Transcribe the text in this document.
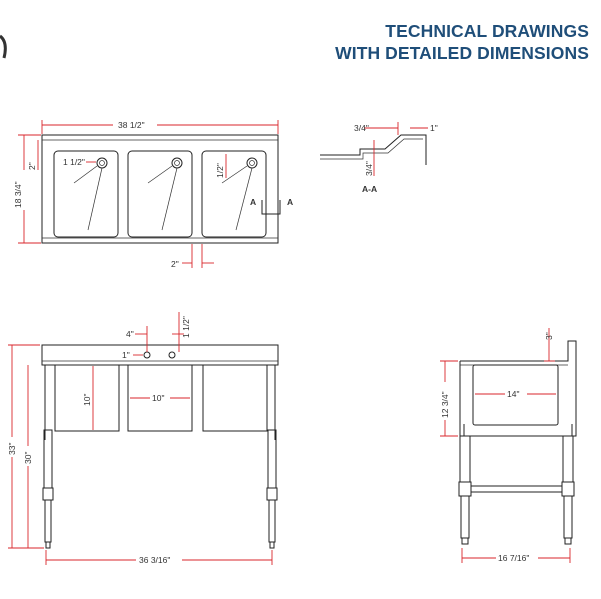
TECHNICAL DRAWINGS
WITH DETAILED DIMENSIONS
A	A
38 1/2"
18 3/4"
2"	1 1/2"
1/2"
2"
3/4"	1"
3/4"
A-A
4"
1"
1 1/2"
10"	10"
33"
30"
36 3/16"
3"
14"
12 3/4"
16 7/16"
